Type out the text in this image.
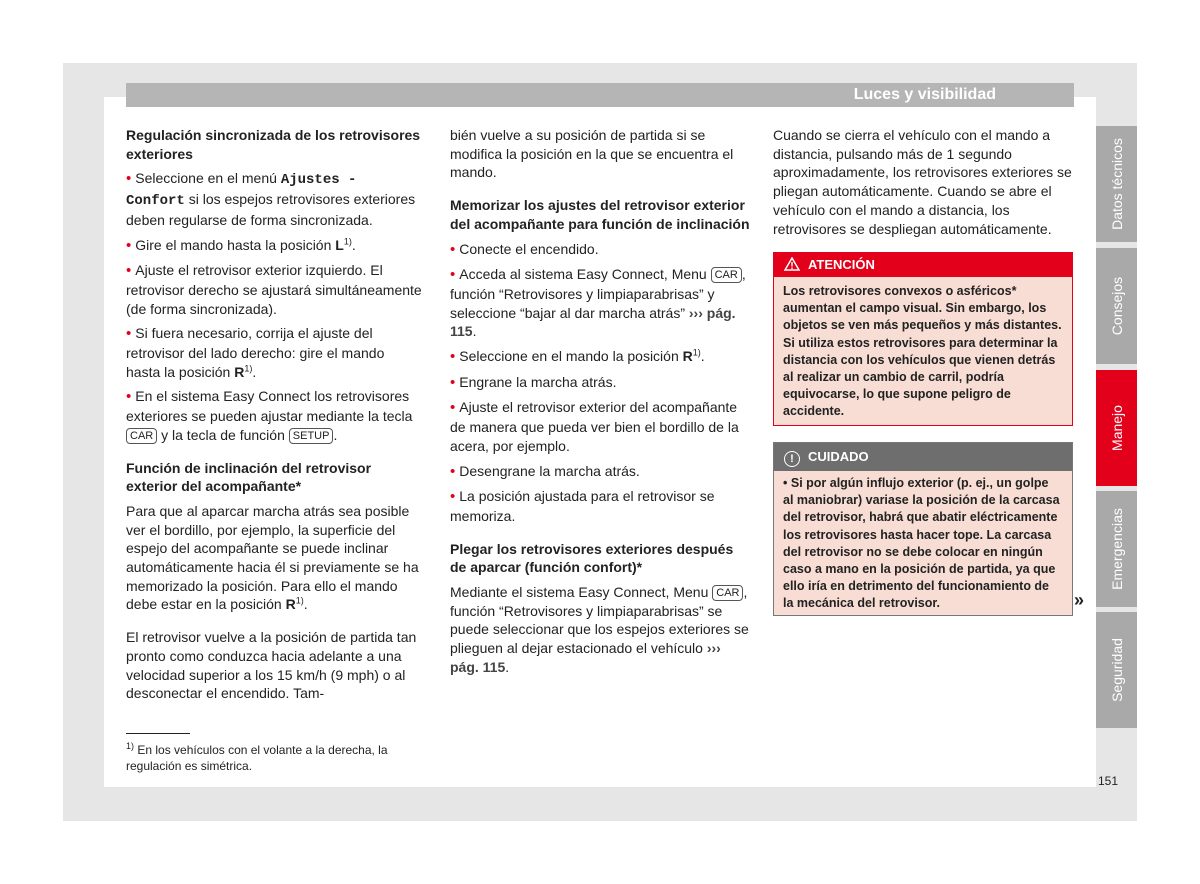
Luces y visibilidad
Regulación sincronizada de los retrovisores exteriores

• Seleccione en el menú Ajustes - Confort si los espejos retrovisores exteriores deben regularse de forma sincronizada.

• Gire el mando hasta la posición $L^{1)}$.

• Ajuste el retrovisor exterior izquierdo. El retrovisor derecho se ajustará simultáneamente (de forma sincronizada).

• Si fuera necesario, corrija el ajuste del retrovisor del lado derecho: gire el mando hasta la posición $R^{1)}$.

• En el sistema Easy Connect los retrovisores exteriores se pueden ajustar mediante la tecla CAR y la tecla de función SETUP .

Función de inclinación del retrovisor exterior del acompañante*

Para que al aparcar marcha atrás sea posible ver el bordillo, por ejemplo, la superficie del espejo del acompañante se puede inclinar automáticamente hacia él si previamente se ha memorizado la posición. Para ello el mando debe estar en la posición $R^{1)}$.

El retrovisor vuelve a la posición de partida tan pronto como conduzca hacia adelante a una velocidad superior a los 15 km/h (9 mph) o al desconectar el encendido. Tam-

$^{1)}$ En los vehículos con el volante a la derecha, la regulación es simétrica.

bién vuelve a su posición de partida si se modifica la posición en la que se encuentra el mando.

Memorizar los ajustes del retrovisor exterior del acompañante para función de inclinación

• Conecte el encendido.

• Acceda al sistema Easy Connect, Menu CAR , función “Retrovisores y limpiaparabrisas” y seleccione “bajar al dar marcha atrás” ››› pág. 115.

• Seleccione en el mando la posición $R^{1)}$.

• Engrane la marcha atrás.

• Ajuste el retrovisor exterior del acompañante de manera que pueda ver bien el bordillo de la acera, por ejemplo.

• Desengrane la marcha atrás.

• La posición ajustada para el retrovisor se memoriza.

Plegar los retrovisores exteriores después de aparcar (función confort)*

Mediante el sistema Easy Connect, Menu CAR , función “Retrovisores y limpiaparabrisas” se puede seleccionar que los espejos exteriores se plieguen al dejar estacionado el vehículo ››› pág. 115.

Cuando se cierra el vehículo con el mando a distancia, pulsando más de 1 segundo aproximadamente, los retrovisores exteriores se pliegan automáticamente. Cuando se abre el vehículo con el mando a distancia, los retrovisores se despliegan automáticamente.

ATENCIÓN
Los retrovisores convexos o asféricos* aumentan el campo visual. Sin embargo, los objetos se ven más pequeños y más distantes. Si utiliza estos retrovisores para determinar la distancia con los vehículos que vienen detrás al realizar un cambio de carril, podría equivocarse, lo que supone peligro de accidente.
! CUIDADO
• Si por algún influjo exterior (p. ej., un golpe al maniobrar) variase la posición de la carcasa del retrovisor, habrá que abatir eléctricamente los retrovisores hasta hacer tope. La carcasa del retrovisor no se debe colocar en ningún caso a mano en la posición de partida, ya que ello iría en detrimento del funcionamiento de la mecánica del retrovisor.	»
Datos técnicos
Consejos
Manejo
Emergencias
Seguridad
151
